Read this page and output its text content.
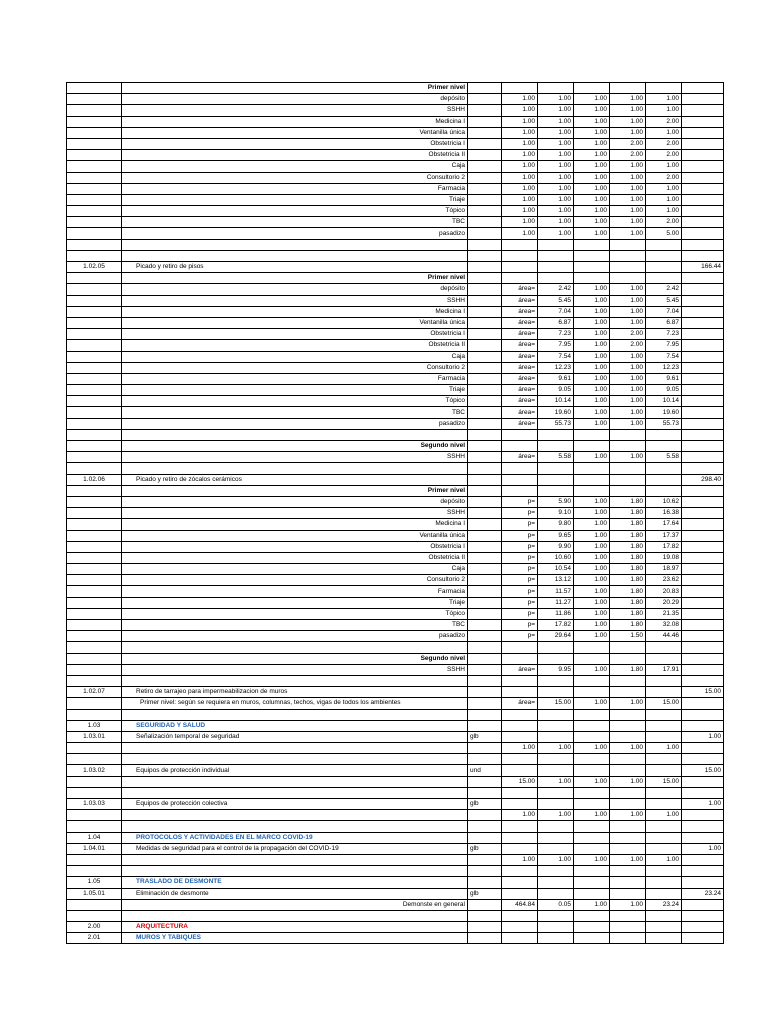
	Primer nivel							
	depósito		1.00	1.00	1.00	1.00	1.00	
	SSHH		1.00	1.00	1.00	1.00	1.00	
	Medicina I		1.00	1.00	1.00	1.00	2.00	
	Ventanilla única		1.00	1.00	1.00	1.00	1.00	
	Obstetricia I		1.00	1.00	1.00	2.00	2.00	
	Obstetricia II		1.00	1.00	1.00	2.00	2.00	
	Caja		1.00	1.00	1.00	1.00	1.00	
	Consultorio 2		1.00	1.00	1.00	1.00	2.00	
	Farmacia		1.00	1.00	1.00	1.00	1.00	
	Triaje		1.00	1.00	1.00	1.00	1.00	
	Tópico		1.00	1.00	1.00	1.00	1.00	
	TBC		1.00	1.00	1.00	1.00	2.00	
	pasadizo		1.00	1.00	1.00	1.00	5.00	

1.02.05	Picado y retiro de pisos							166.44
	Primer nivel							
	depósito		área=	2.42	1.00	1.00	2.42	
	SSHH		área=	5.45	1.00	1.00	5.45	
	Medicina I		área=	7.04	1.00	1.00	7.04	
	Ventanilla única		área=	6.87	1.00	1.00	6.87	
	Obstetricia I		área=	7.23	1.00	2.00	7.23	
	Obstetricia II		área=	7.95	1.00	2.00	7.95	
	Caja		área=	7.54	1.00	1.00	7.54	
	Consultorio 2		área=	12.23	1.00	1.00	12.23	
	Farmacia		área=	9.61	1.00	1.00	9.61	
	Triaje		área=	9.05	1.00	1.00	9.05	
	Tópico		área=	10.14	1.00	1.00	10.14	
	TBC		área=	19.60	1.00	1.00	19.60	
	pasadizo		área=	55.73	1.00	1.00	55.73	

	Segundo nivel							
	SSHH		área=	5.58	1.00	1.00	5.58	

1.02.06	Picado y retiro de zócalos cerámicos							298.40
	Primer nivel							
	depósito		p=	5.90	1.00	1.80	10.62	
	SSHH		p=	9.10	1.00	1.80	16.38	
	Medicina I		p=	9.80	1.00	1.80	17.64	
	Ventanilla única		p=	9.65	1.00	1.80	17.37	
	Obstetricia I		p=	9.90	1.00	1.80	17.82	
	Obstetricia II		p=	10.60	1.00	1.80	19.08	
	Caja		p=	10.54	1.00	1.80	18.97	
	Consultorio 2		p=	13.12	1.00	1.80	23.62	
	Farmacia		p=	11.57	1.00	1.80	20.83	
	Triaje		p=	11.27	1.00	1.80	20.29	
	Tópico		p=	11.86	1.00	1.80	21.35	
	TBC		p=	17.82	1.00	1.80	32.08	
	pasadizo		p=	29.64	1.00	1.50	44.46	

	Segundo nivel							
	SSHH		área=	9.95	1.00	1.80	17.91	

1.02.07	Retiro de tarrajeo para impermeabilizacion de muros							15.00
	Primer nivel: según se requiera en muros, columnas, techos, vigas de todos los ambientes		área=	15.00	1.00	1.00	15.00	

1.03	SEGURIDAD Y SALUD							
1.03.01	Señalización temporal de seguridad	glb						1.00
			1.00	1.00	1.00	1.00	1.00	

1.03.02	Equipos de protección individual	und						15.00
			15.00	1.00	1.00	1.00	15.00	

1.03.03	Equipos de protección colectiva	glb						1.00
			1.00	1.00	1.00	1.00	1.00	

1.04	PROTOCOLOS Y ACTIVIDADES EN EL MARCO COVID-19							
1.04.01	Medidas de seguridad para el control de la propagación del COVID-19	glb						1.00
			1.00	1.00	1.00	1.00	1.00	

1.05	TRASLADO DE DESMONTE							
1.05.01	Eliminación de desmonte	glb						23.24
	Demonste en general		464.84	0.05	1.00	1.00	23.24	

2.00	ARQUITECTURA							
2.01	MUROS Y TABIQUES							
